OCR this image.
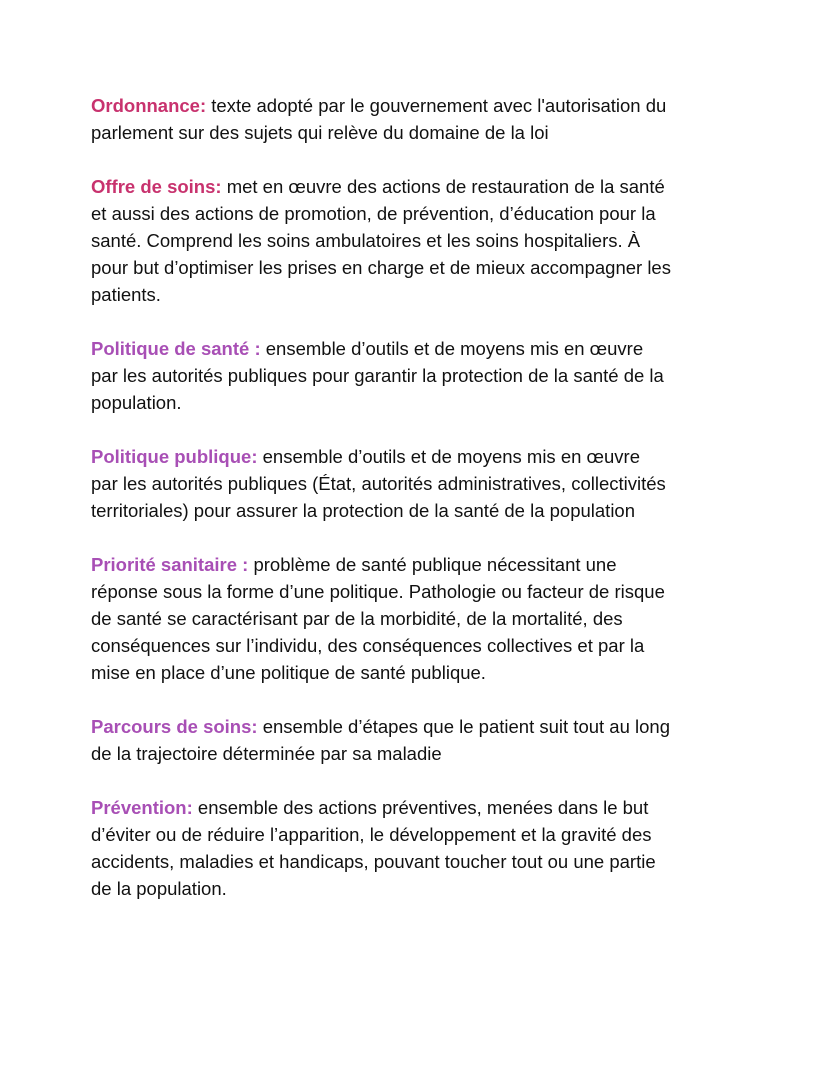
Ordonnance: texte adopté par le gouvernement avec l'autorisation du parlement sur des sujets qui relève du domaine de la loi

Offre de soins: met en œuvre des actions de restauration de la santé et aussi des actions de promotion, de prévention, d’éducation pour la santé. Comprend les soins ambulatoires et les soins hospitaliers. À pour but d’optimiser les prises en charge et de mieux accompagner les patients.

Politique de santé : ensemble d’outils et de moyens mis en œuvre par les autorités publiques pour garantir la protection de la santé de la population.

Politique publique: ensemble d’outils et de moyens mis en œuvre par les autorités publiques (État, autorités administratives, collectivités territoriales) pour assurer la protection de la santé de la population

Priorité sanitaire : problème de santé publique nécessitant une réponse sous la forme d’une politique. Pathologie ou facteur de risque de santé se caractérisant par de la morbidité, de la mortalité, des conséquences sur l’individu, des conséquences collectives et par la mise en place d’une politique de santé publique.

Parcours de soins: ensemble d’étapes que le patient suit tout au long de la trajectoire déterminée par sa maladie

Prévention: ensemble des actions préventives, menées dans le but d’éviter ou de réduire l’apparition, le développement et la gravité des accidents, maladies et handicaps, pouvant toucher tout ou une partie de la population.
